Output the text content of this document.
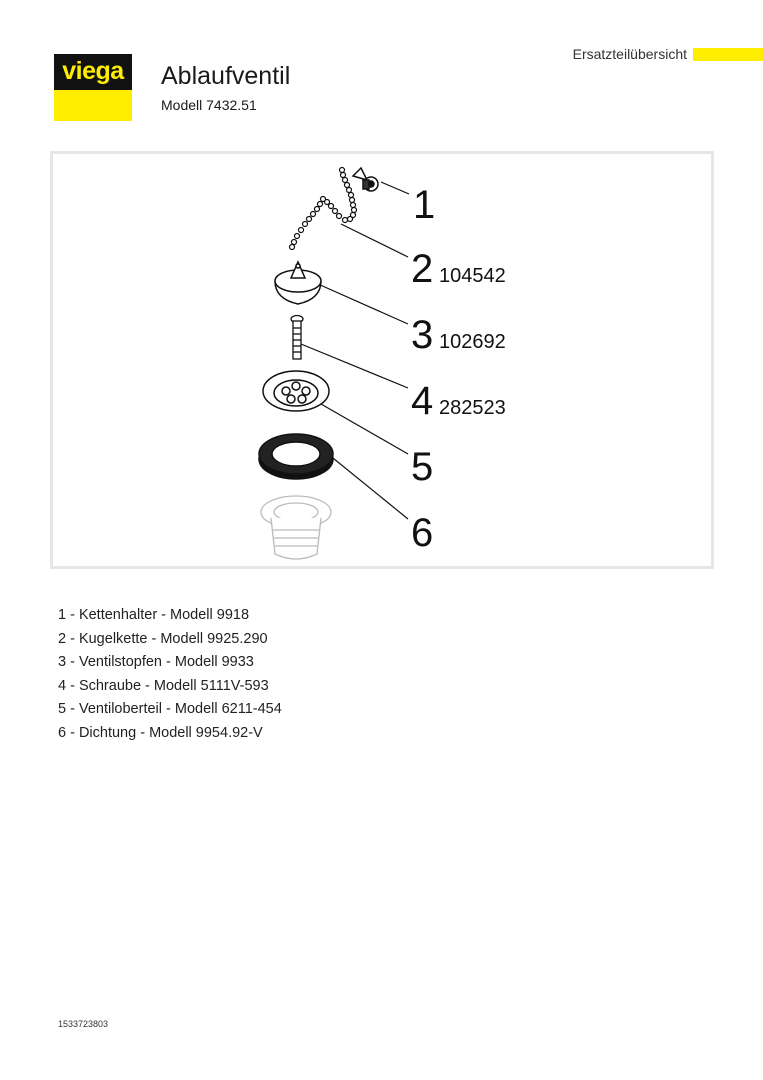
viega	Ablaufventil
Modell 7432.51
Ersatzteilübersicht
1
2 104542
3 102692
4 282523
5
6
1 - Kettenhalter - Modell 9918
2 - Kugelkette - Modell 9925.290
3 - Ventilstopfen - Modell 9933
4 - Schraube - Modell 5111V-593
5 - Ventiloberteil - Modell 6211-454
6 - Dichtung - Modell 9954.92-V
1533723803
